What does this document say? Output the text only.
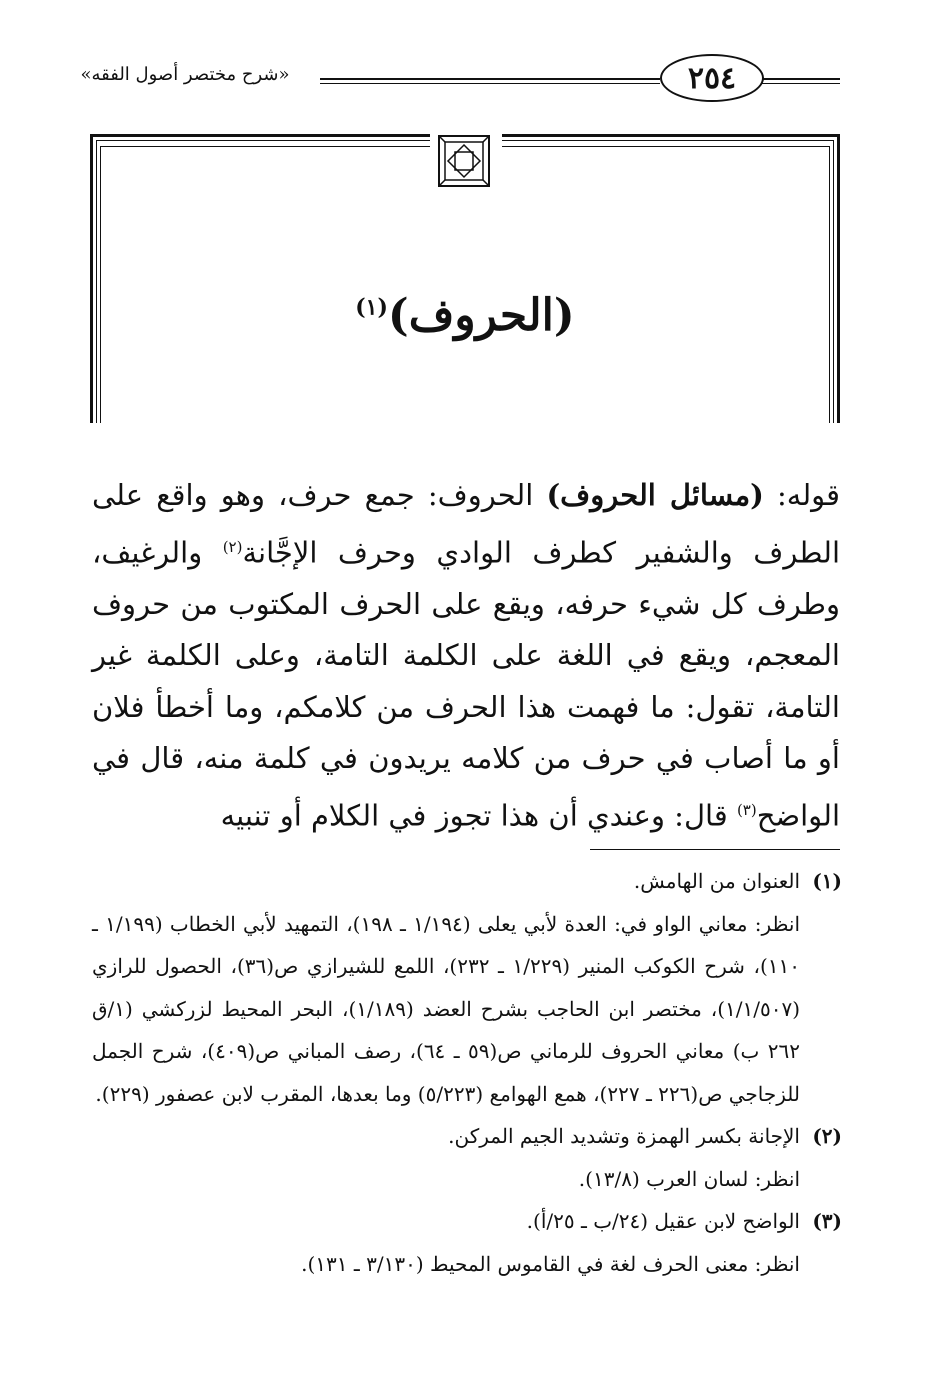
«شرح مختصر أصول الفقه»	٢٥٤
(الحروف)$^{(١)}$
قوله: (مسائل الحروف) الحروف: جمع حرف، وهو واقع على الطرف والشفير كطرف الوادي وحرف الإجَّانة$^{(٢)}$ والرغيف، وطرف كل شيء حرفه، ويقع على الحرف المكتوب من حروف المعجم، ويقع في اللغة على الكلمة التامة، وعلى الكلمة غير التامة، تقول: ما فهمت هذا الحرف من كلامكم، وما أخطأ فلان أو ما أصاب في حرف من كلامه يريدون في كلمة منه، قال في الواضح$^{(٣)}$ قال: وعندي أن هذا تجوز في الكلام أو تنبيه
(١)العنوان من الهامش.
انظر: معاني الواو في: العدة لأبي يعلى (١/١٩٤ ـ ١٩٨)، التمهيد لأبي الخطاب (١/١٩٩ ـ ١١٠)، شرح الكوكب المنير (١/٢٢٩ ـ ٢٣٢)، اللمع للشيرازي ص(٣٦)، الحصول للرازي (١/١/٥٠٧)، مختصر ابن الحاجب بشرح العضد (١/١٨٩)، البحر المحيط لزركشي (١/ق ٢٦٢ ب) معاني الحروف للرماني ص(٥٩ ـ ٦٤)، رصف المباني ص(٤٠٩)، شرح الجمل للزجاجي ص(٢٢٦ ـ ٢٢٧)، همع الهوامع (٥/٢٢٣) وما بعدها، المقرب لابن عصفور (٢٢٩).
(٢)الإجانة بكسر الهمزة وتشديد الجيم المركن.
انظر: لسان العرب (١٣/٨).
(٣)الواضح لابن عقيل (٢٤/ب ـ ٢٥/أ).
انظر: معنى الحرف لغة في القاموس المحيط (٣/١٣٠ ـ ١٣١).
